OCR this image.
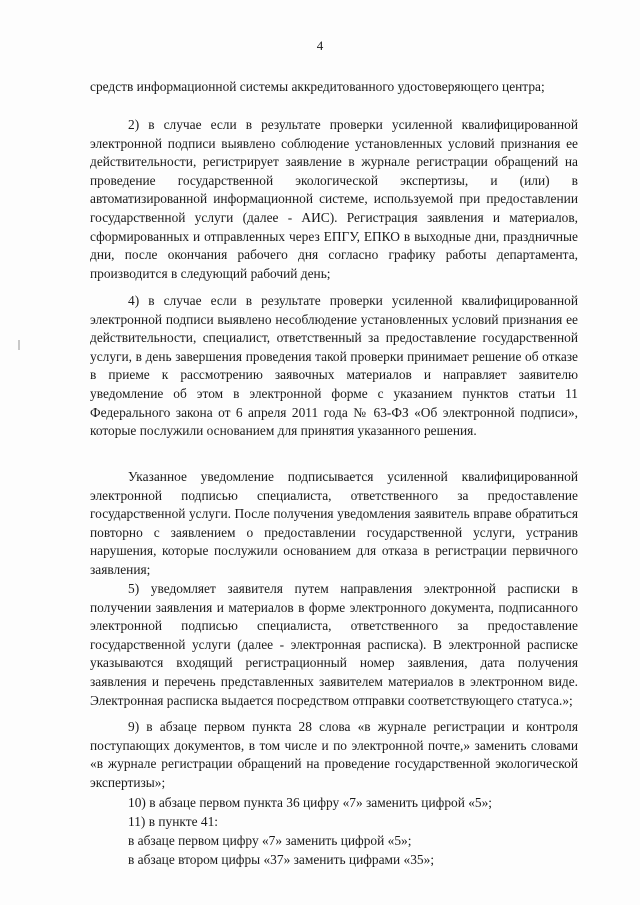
4

средств информационной системы аккредитованного удостоверяющего центра;

2) в случае если в результате проверки усиленной квалифицированной электронной подписи выявлено соблюдение установленных условий признания ее действительности, регистрирует заявление в журнале регистрации обращений на проведение государственной экологической экспертизы, и (или) в автоматизированной информационной системе, используемой при предоставлении государственной услуги (далее - АИС). Регистрация заявления и материалов, сформированных и отправленных через ЕПГУ, ЕПКО в выходные дни, праздничные дни, после окончания рабочего дня согласно графику работы департамента, производится в следующий рабочий день;

4) в случае если в результате проверки усиленной квалифицированной электронной подписи выявлено несоблюдение установленных условий признания ее действительности, специалист, ответственный за предоставление государственной услуги, в день завершения проведения такой проверки принимает решение об отказе в приеме к рассмотрению заявочных материалов и направляет заявителю уведомление об этом в электронной форме с указанием пунктов статьи 11 Федерального закона от 6 апреля 2011 года № 63-ФЗ «Об электронной подписи», которые послужили основанием для принятия указанного решения.

Указанное уведомление подписывается усиленной квалифицированной электронной подписью специалиста, ответственного за предоставление государственной услуги. После получения уведомления заявитель вправе обратиться повторно с заявлением о предоставлении государственной услуги, устранив нарушения, которые послужили основанием для отказа в регистрации первичного заявления;

5) уведомляет заявителя путем направления электронной расписки в получении заявления и материалов в форме электронного документа, подписанного электронной подписью специалиста, ответственного за предоставление государственной услуги (далее - электронная расписка). В электронной расписке указываются входящий регистрационный номер заявления, дата получения заявления и перечень представленных заявителем материалов в электронном виде. Электронная расписка выдается посредством отправки соответствующего статуса.»;

9) в абзаце первом пункта 28 слова «в журнале регистрации и контроля поступающих документов, в том числе и по электронной почте,» заменить словами «в журнале регистрации обращений на проведение государственной экологической экспертизы»;

10) в абзаце первом пункта 36 цифру «7» заменить цифрой «5»;

11) в пункте 41:

в абзаце первом цифру «7» заменить цифрой «5»;

в абзаце втором цифры «37» заменить цифрами «35»;
